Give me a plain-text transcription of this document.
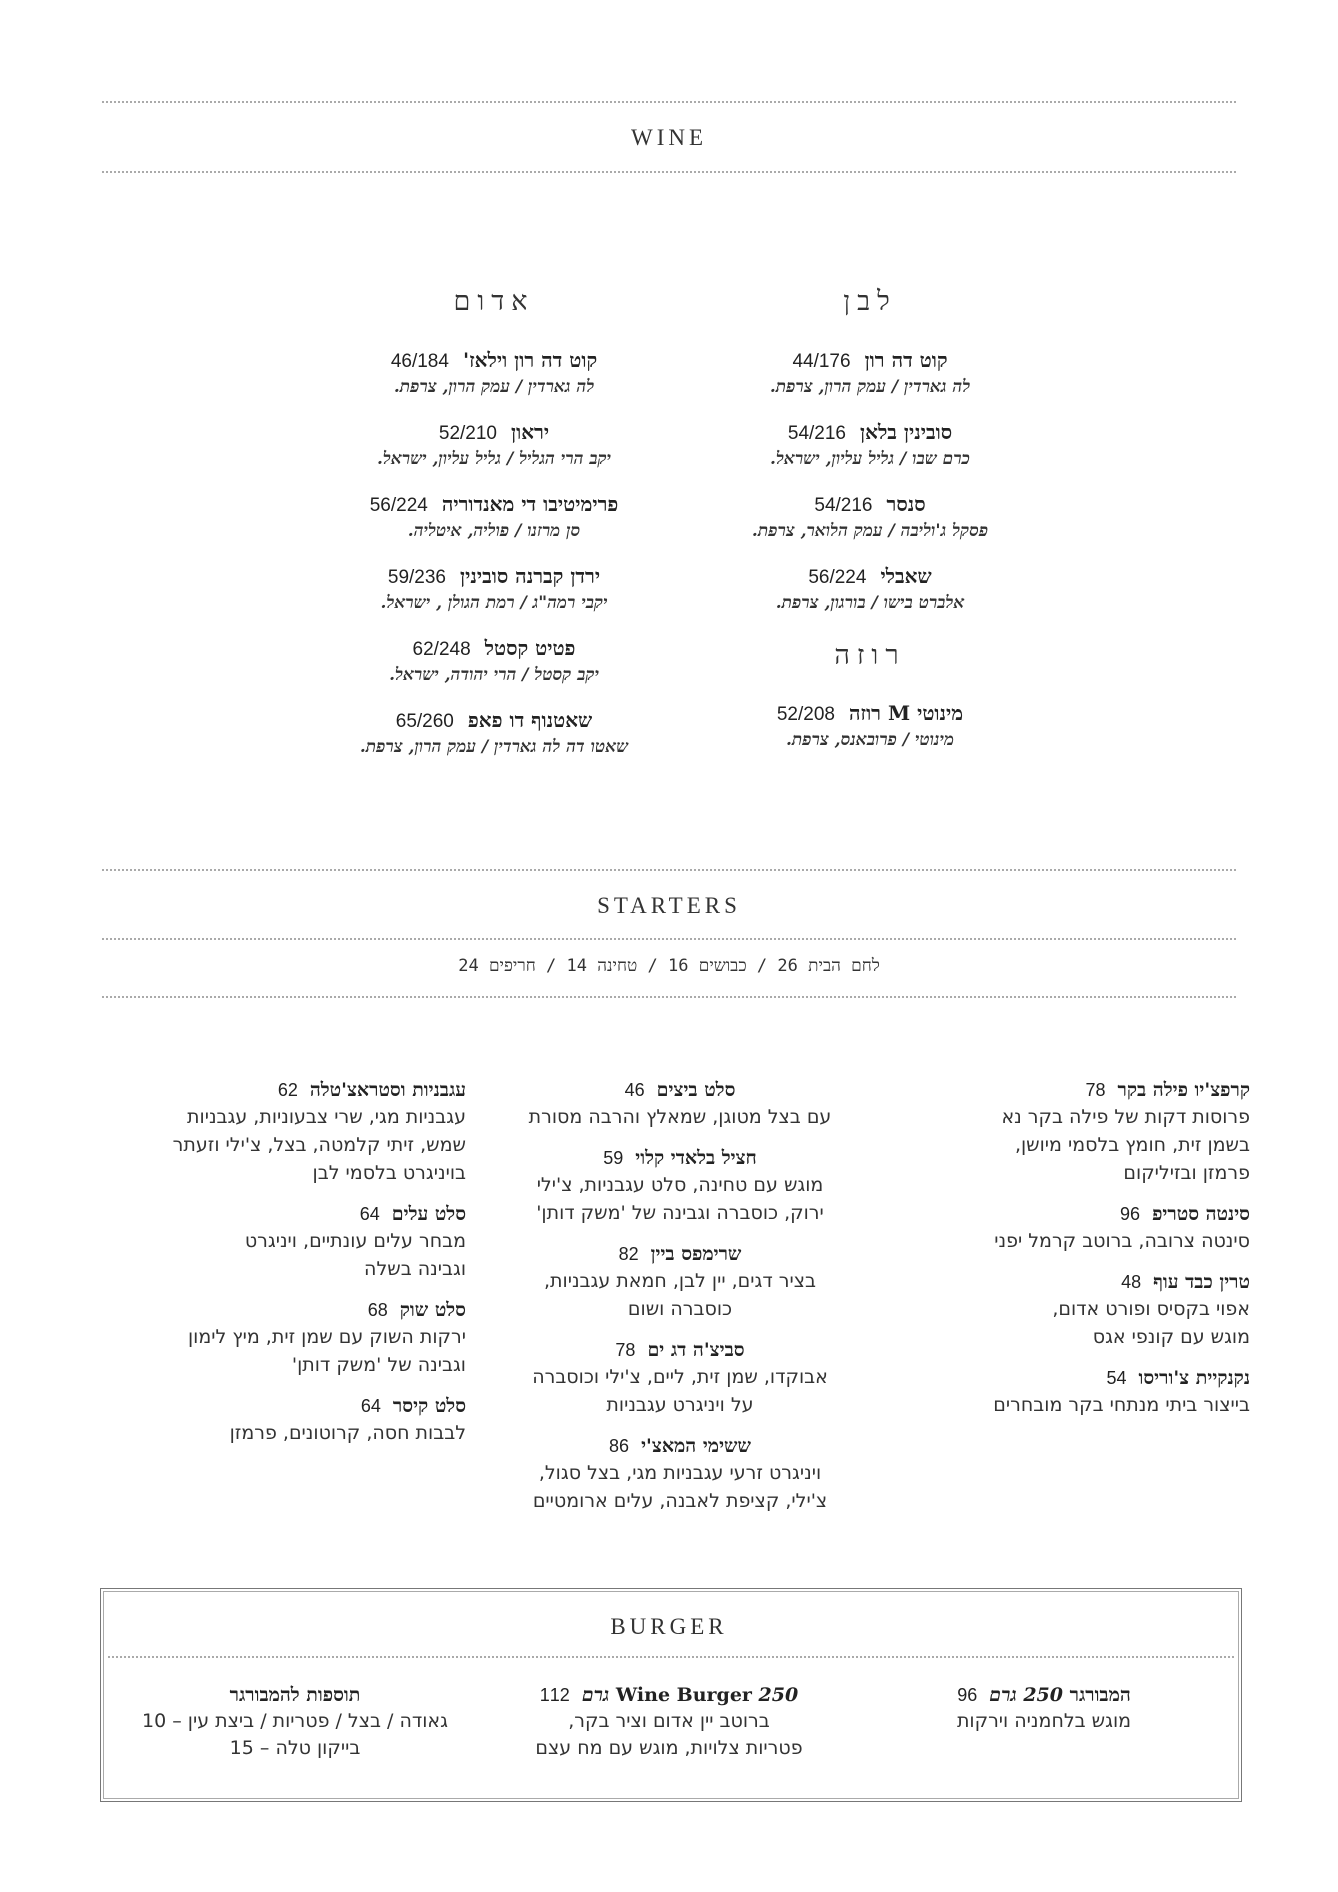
WINE
לבן
אדום
קוט דה רון44/176
לה גארדין / עמק הרון, צרפת.
סובינין בלאן54/216
כרם שבו / גליל עליון, ישראל.
סנסר54/216
פסקל ג'וליבה / עמק הלואר, צרפת.
שאבלי56/224
אלברט בישו / בורגון, צרפת.
רוזה
מינוטי M רוזה52/208
מינוטי / פרובאנס, צרפת.
קוט דה רון וילאז'46/184
לה גארדין / עמק הרון, צרפת.
יראון52/210
יקב הרי הגליל / גליל עליון, ישראל.
פרימיטיבו די מאנדוריה56/224
סן מרזנו / פוליה, איטליה.
ירדן קברנה סובינין59/236
יקבי רמה"ג / רמת הגולן , ישראל.
פטיט קסטל62/248
יקב קסטל / הרי יהודה, ישראל.
שאטנוף דו פאפ65/260
שאטו דה לה גארדין / עמק הרון, צרפת.
STARTERS
לחם הבית 26 / כבושים 16 / טחינה 14 / חריפים 24
קרפצ'יו פילה בקר78
פרוסות דקות של פילה בקר נא
בשמן זית, חומץ בלסמי מיושן,
פרמזן ובזיליקום
סינטה סטריפ96
סינטה צרובה, ברוטב קרמל יפני
טרין כבד עוף48
אפוי בקסיס ופורט אדום,
מוגש עם קונפי אגס
נקנקיית צ'וריסו54
בייצור ביתי מנתחי בקר מובחרים
סלט ביצים46
עם בצל מטוגן, שמאלץ והרבה מסורת
חציל בלאדי קלוי59
מוגש עם טחינה, סלט עגבניות, צ'ילי
ירוק, כוסברה וגבינה של 'משק דותן'
שרימפס ביין82
בציר דגים, יין לבן, חמאת עגבניות,
כוסברה ושום
סביצ'ה דג ים78
אבוקדו, שמן זית, ליים, צ'ילי וכוסברה
על ויניגרט עגבניות
ששימי המאצ'י86
ויניגרט זרעי עגבניות מגי, בצל סגול,
צ'ילי, קציפת לאבנה, עלים ארומטיים
עגבניות וסטראצ'טלה62
עגבניות מגי, שרי צבעוניות, עגבניות
שמש, זיתי קלמטה, בצל, צ'ילי וזעתר
בויניגרט בלסמי לבן
סלט עלים64
מבחר עלים עונתיים, ויניגרט
וגבינה בשלה
סלט שוק68
ירקות השוק עם שמן זית, מיץ לימון
וגבינה של 'משק דותן'
סלט קיסר64
לבבות חסה, קרוטונים, פרמזן
BURGER
המבורגר 250 גרם96
מוגש בלחמניה וירקות
Wine Burger 250 גרם112
ברוטב יין אדום וציר בקר,
פטריות צלויות, מוגש עם מח עצם
תוספות להמבורגר
גאודה / בצל / פטריות / ביצת עין – 10
בייקון טלה – 15
